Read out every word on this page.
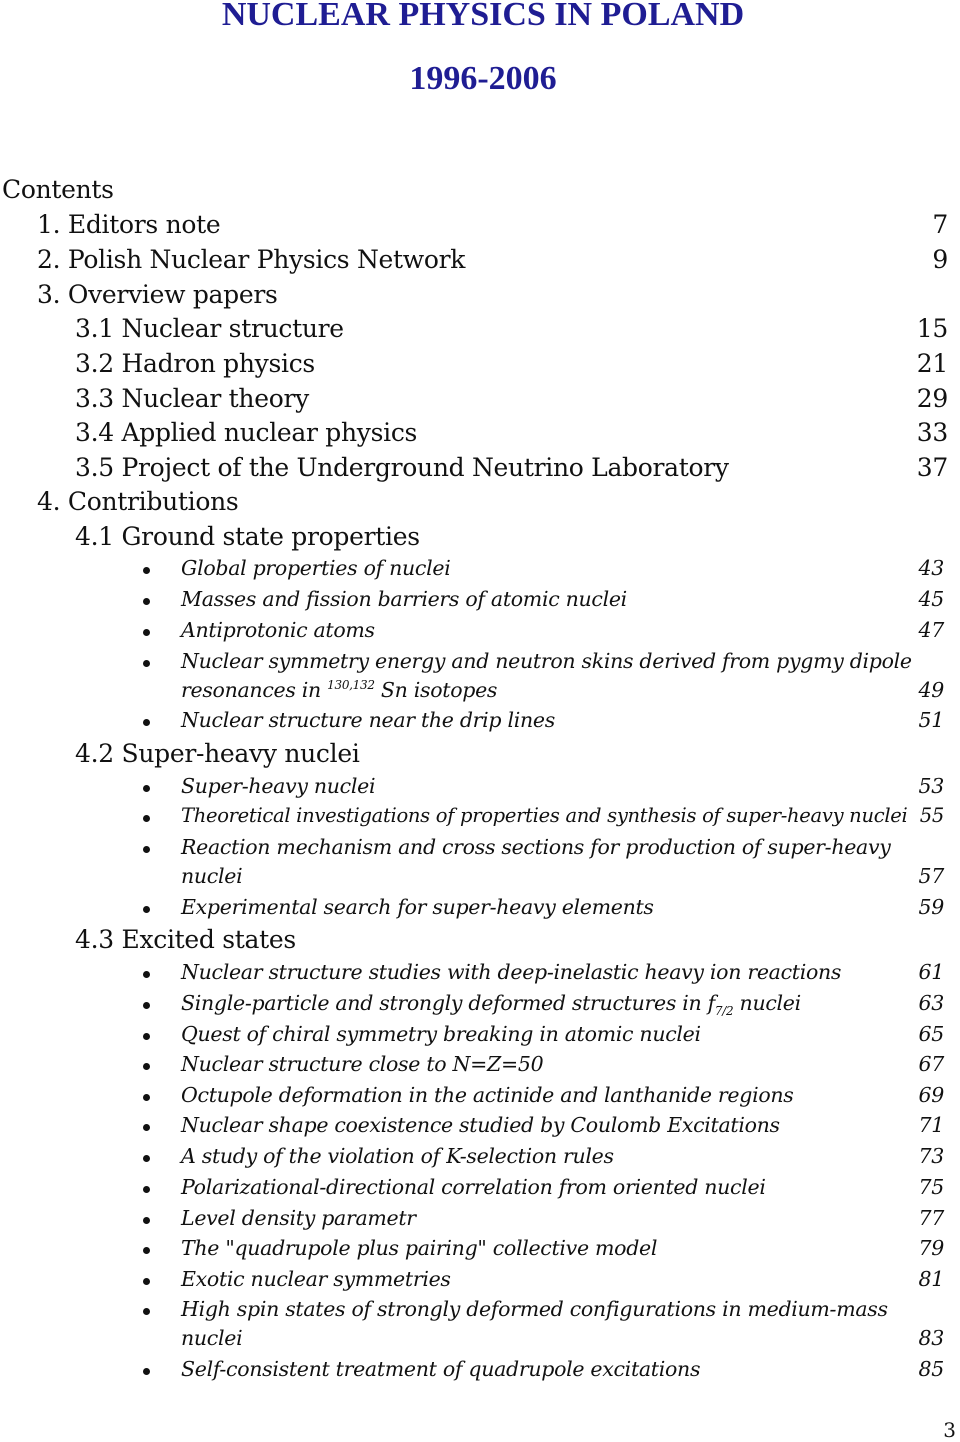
NUCLEAR PHYSICS IN POLAND
1996-2006
Contents
1. Editors note	7
2. Polish Nuclear Physics Network	9
3. Overview papers
3.1 Nuclear structure	15
3.2 Hadron physics	21
3.3 Nuclear theory	29
3.4 Applied nuclear physics	33
3.5 Project of the Underground Neutrino Laboratory	37
4. Contributions
4.1 Ground state properties
Global properties of nuclei	43
Masses and fission barriers of atomic nuclei	45
Antiprotonic atoms	47
Nuclear symmetry energy and neutron skins derived from pygmy dipole
resonances in $^{130,132}$ Sn isotopes	49
Nuclear structure near the drip lines	51
4.2 Super-heavy nuclei
Super-heavy nuclei	53
Theoretical investigations of properties and synthesis of super-heavy nuclei 55
Reaction mechanism and cross sections for production of super-heavy
nuclei	57
Experimental search for super-heavy elements	59
4.3 Excited states
Nuclear structure studies with deep-inelastic heavy ion reactions	61
Single-particle and strongly deformed structures in $f_{7/2}$ nuclei	63
Quest of chiral symmetry breaking in atomic nuclei	65
Nuclear structure close to N=Z=50	67
Octupole deformation in the actinide and lanthanide regions	69
Nuclear shape coexistence studied by Coulomb Excitations	71
A study of the violation of K-selection rules	73
Polarizational-directional correlation from oriented nuclei	75
Level density parametr	77
The "quadrupole plus pairing" collective model	79
Exotic nuclear symmetries	81
High spin states of strongly deformed configurations in medium-mass
nuclei	83
Self-consistent treatment of quadrupole excitations	85
3
